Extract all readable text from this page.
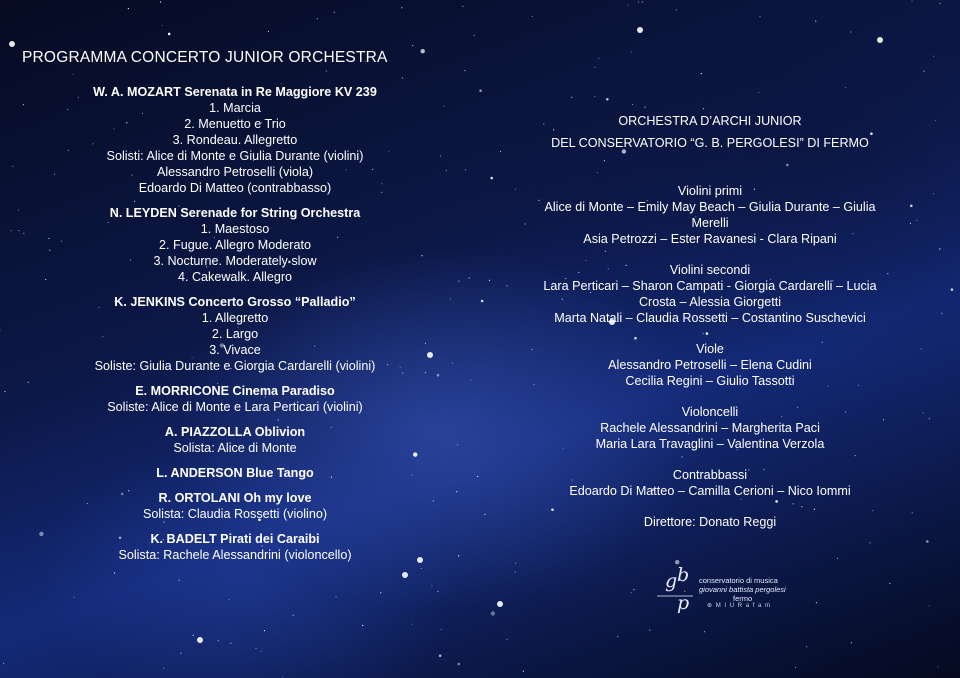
PROGRAMMA CONCERTO JUNIOR ORCHESTRA
W. A. MOZART Serenata in Re Maggiore KV 239
1. Marcia
2. Menuetto e Trio
3. Rondeau. Allegretto
Solisti: Alice di Monte e Giulia Durante (violini)
Alessandro Petroselli (viola)
Edoardo Di Matteo (contrabbasso)
N. LEYDEN Serenade for String Orchestra
1. Maestoso
2. Fugue. Allegro Moderato
3. Nocturne. Moderately slow
4. Cakewalk. Allegro
K. JENKINS Concerto Grosso “Palladio”
1. Allegretto
2. Largo
3. Vivace
Soliste: Giulia Durante e Giorgia Cardarelli (violini)
E. MORRICONE Cinema Paradiso
Soliste: Alice di Monte e Lara Perticari (violini)
A. PIAZZOLLA Oblivion
Solista: Alice di Monte
L. ANDERSON Blue Tango
R. ORTOLANI Oh my love
Solista: Claudia Rossetti (violino)
K. BADELT Pirati dei Caraibi
Solista: Rachele Alessandrini (violoncello)
ORCHESTRA D’ARCHI JUNIOR
DEL CONSERVATORIO “G. B. PERGOLESI” DI FERMO
Violini primi
Alice di Monte – Emily May Beach – Giulia Durante – Giulia
Merelli
Asia Petrozzi – Ester Ravanesi - Clara Ripani
Violini secondi
Lara Perticari – Sharon Campati - Giorgia Cardarelli – Lucia
Crosta – Alessia Giorgetti
Marta Natali – Claudia Rossetti – Costantino Suschevici
Viole
Alessandro Petroselli – Elena Cudini
Cecilia Regini – Giulio Tassotti
Violoncelli
Rachele Alessandrini – Margherita Paci
Maria Lara Travaglini – Valentina Verzola
Contrabbassi
Edoardo Di Matteo – Camilla Cerioni – Nico Iommi
Direttore: Donato Reggi
g b
p
conservatorio di musica
giovanni battista pergolesi
fermo
⊛ M I U R a f a m
